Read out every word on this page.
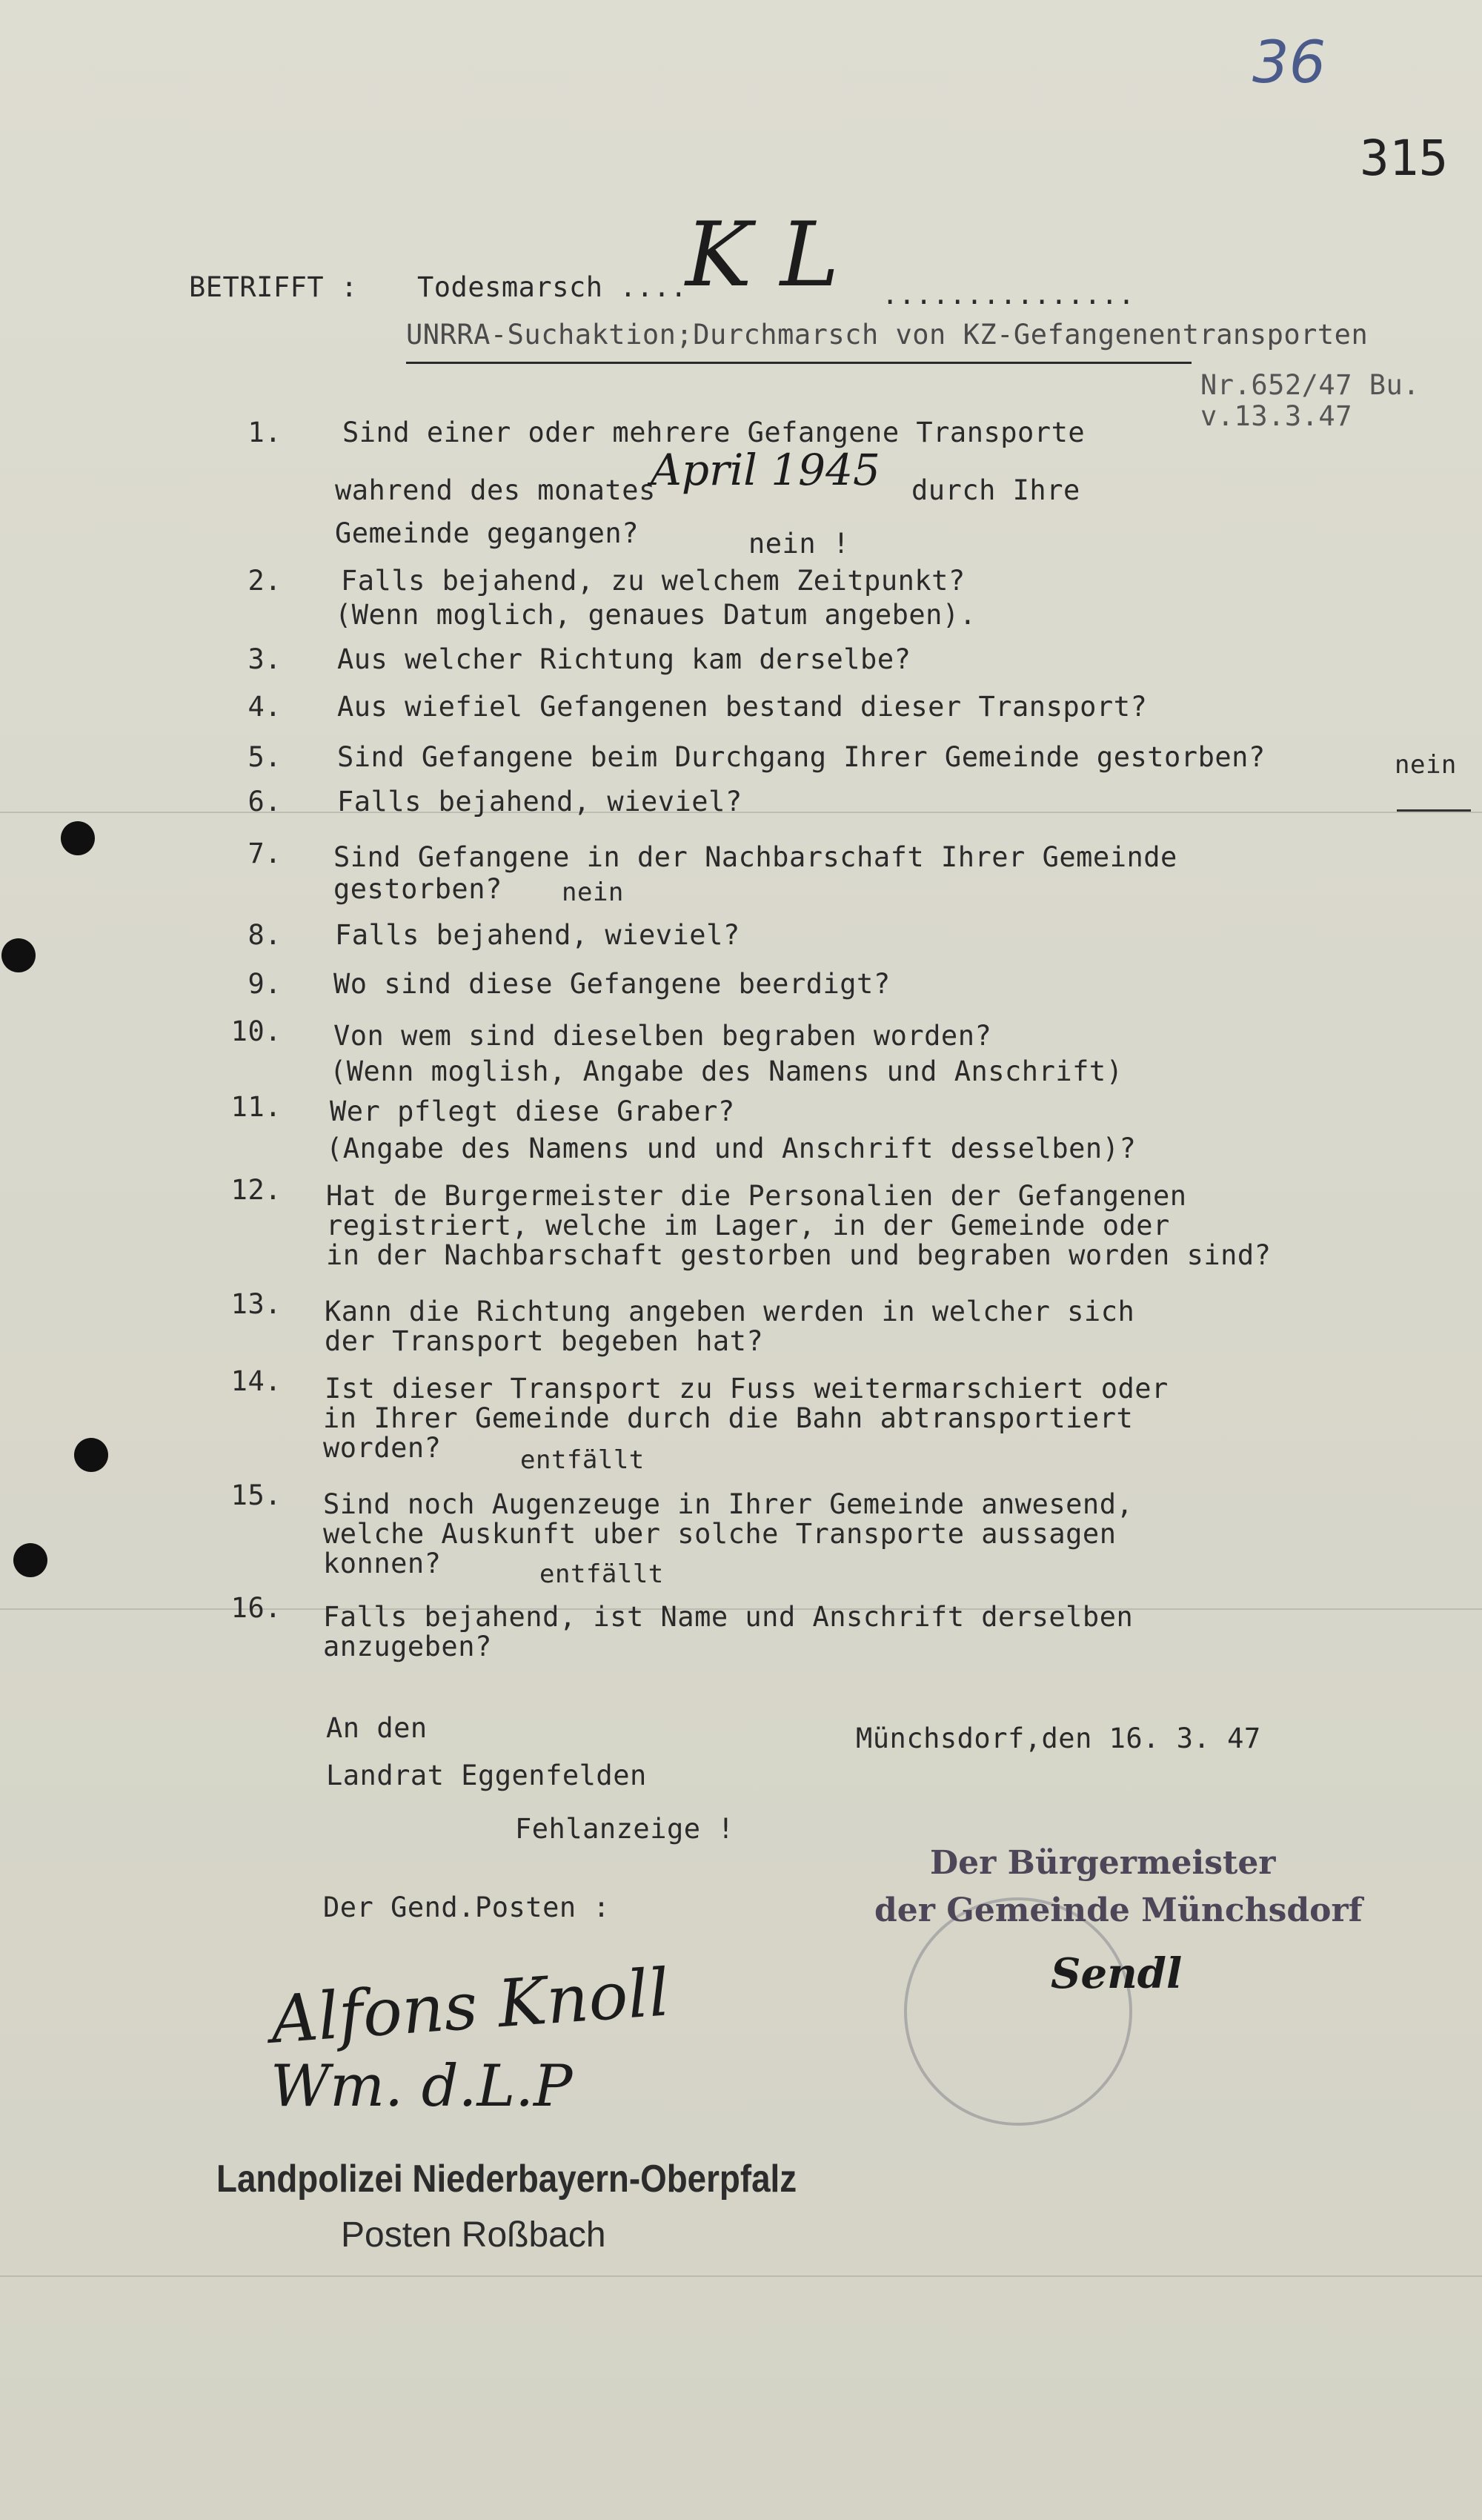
36
315
BETRIFFT : Todesmarsch ....
K L ...............
UNRRA-Suchaktion;Durchmarsch von KZ-Gefangenentransporten
Nr.652/47 Bu.
v.13.3.47
1. Sind einer oder mehrere Gefangene Transporte
wahrend des monates
April 1945 durch Ihre
Gemeinde gegangen?	nein !
2. Falls bejahend, zu welchem Zeitpunkt?
(Wenn moglich, genaues Datum angeben).
3. Aus welcher Richtung kam derselbe?
4. Aus wiefiel Gefangenen bestand dieser Transport?
5. Sind Gefangene beim Durchgang Ihrer Gemeinde gestorben?	nein
6. Falls bejahend, wieviel?
7. Sind Gefangene in der Nachbarschaft Ihrer Gemeinde
gestorben? nein
8. Falls bejahend, wieviel?
9. Wo sind diese Gefangene beerdigt?
10. Von wem sind dieselben begraben worden?
(Wenn moglish, Angabe des Namens und Anschrift)
11. Wer pflegt diese Graber?
(Angabe des Namens und und Anschrift desselben)?
12. Hat de Burgermeister die Personalien der Gefangenen
registriert, welche im Lager, in der Gemeinde oder
in der Nachbarschaft gestorben und begraben worden sind?
13. Kann die Richtung angeben werden in welcher sich
der Transport begeben hat?
14. Ist dieser Transport zu Fuss weitermarschiert oder
in Ihrer Gemeinde durch die Bahn abtransportiert
worden?	entfällt
15. Sind noch Augenzeuge in Ihrer Gemeinde anwesend,
welche Auskunft uber solche Transporte aussagen
konnen?	entfällt
16. Falls bejahend, ist Name und Anschrift derselben
anzugeben?
An den
Landrat Eggenfelden
Münchsdorf,den 16. 3. 47
Fehlanzeige !
Der Gend.Posten :
Der Bürgermeister
der Gemeinde Münchsdorf
Sendl
Alfons Knoll
Wm. d.L.P
Landpolizei Niederbayern-Oberpfalz
Posten Roßbach
